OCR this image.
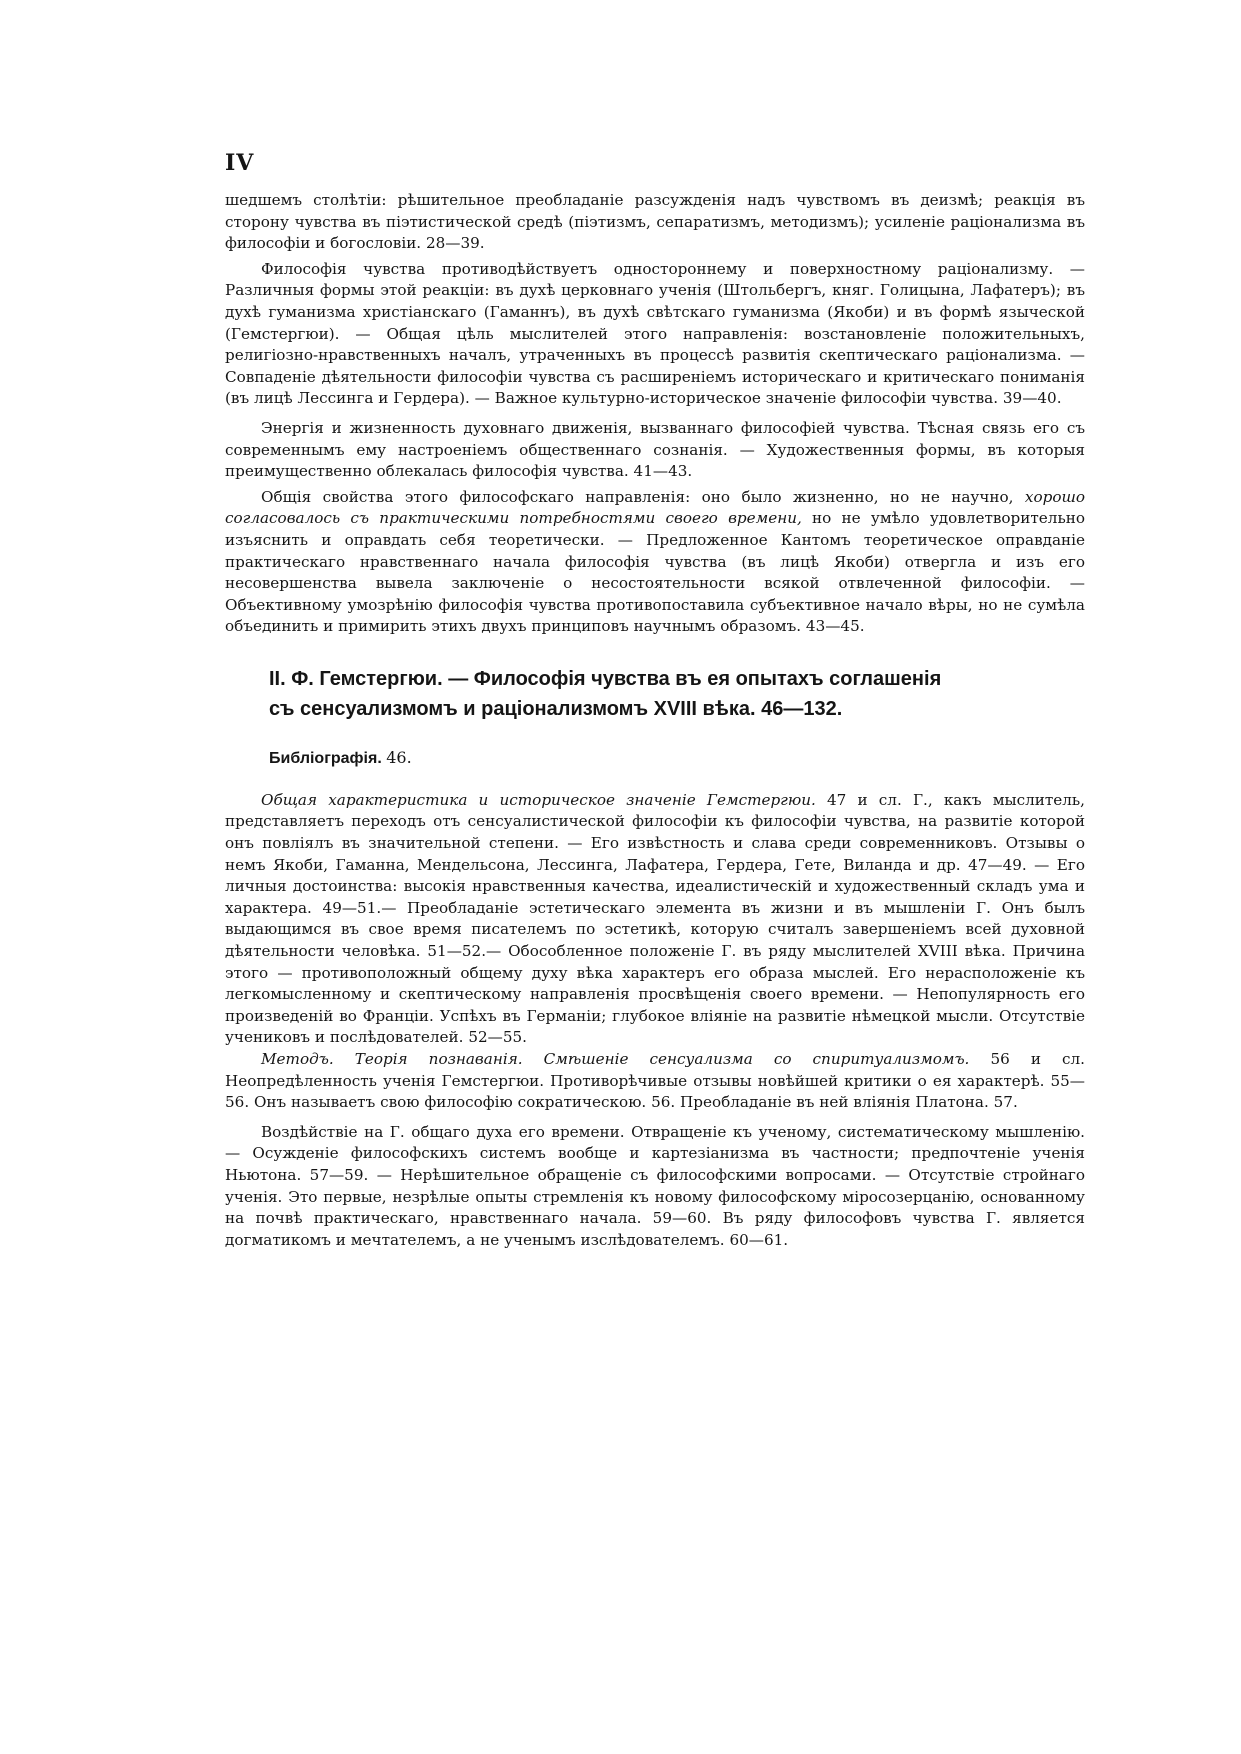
IV

шедшемъ столѣтіи: рѣшительное преобладаніе разсужденія надъ чувствомъ въ деизмѣ; реакція въ сторону чувства въ піэтистической средѣ (піэтизмъ, сепаратизмъ, методизмъ); усиленіе раціонализма въ философіи и богословіи. 28—39.

Философія чувства противодѣйствуетъ одностороннему и поверхностному раціонализму. — Различныя формы этой реакціи: въ духѣ церковнаго ученія (Штольбергъ, княг. Голицына, Лафатеръ); въ духѣ гуманизма христіанскаго (Гаманнъ), въ духѣ свѣтскаго гуманизма (Якоби) и въ формѣ языческой (Гемстергюи). — Общая цѣль мыслителей этого направленія: возстановленіе положительныхъ, религіозно-нравственныхъ началъ, утраченныхъ въ процессѣ развитія скептическаго раціонализма. — Совпаденіе дѣятельности философіи чувства съ расширеніемъ историческаго и критическаго пониманія (въ лицѣ Лессинга и Гердера). — Важное культурно-историческое значеніе философіи чувства. 39—40.

Энергія и жизненность духовнаго движенія, вызваннаго философіей чувства. Тѣсная связь его съ современнымъ ему настроеніемъ общественнаго сознанія. — Художественныя формы, въ которыя преимущественно облекалась философія чувства. 41—43.

Общія свойства этого философскаго направленія: оно было жизненно, но не научно, хорошо согласовалось съ практическими потребностями своего времени, но не умѣло удовлетворительно изъяснить и оправдать себя теоретически. — Предложенное Кантомъ теоретическое оправданіе практическаго нравственнаго начала философія чувства (въ лицѣ Якоби) отвергла и изъ его несовершенства вывела заключеніе о несостоятельности всякой отвлеченной философіи. — Объективному умозрѣнію философія чувства противопоставила субъективное начало вѣры, но не сумѣла объединить и примирить этихъ двухъ принциповъ научнымъ образомъ. 43—45.

II. Ф. Гемстергюи. — Философія чувства въ ея опытахъ соглашенія
съ сенсуализмомъ и раціонализмомъ XVIII вѣка. 46—132.
Библіографія. 46.

Общая характеристика и историческое значеніе Гемстергюи. 47 и сл. Г., какъ мыслитель, представляетъ переходъ отъ сенсуалистической философіи къ философіи чувства, на развитіе которой онъ повліялъ въ значительной степени. — Его извѣстность и слава среди современниковъ. Отзывы о немъ Якоби, Гаманна, Мендельсона, Лессинга, Лафатера, Гердера, Гете, Виланда и др. 47—49. — Его личныя достоинства: высокія нравственныя качества, идеалистическій и художественный складъ ума и характера. 49—51.— Преобладаніе эстетическаго элемента въ жизни и въ мышленіи Г. Онъ былъ выдающимся въ свое время писателемъ по эстетикѣ, которую считалъ завершеніемъ всей духовной дѣятельности человѣка. 51—52.— Обособленное положеніе Г. въ ряду мыслителей XVIII вѣка. Причина этого — противоположный общему духу вѣка характеръ его образа мыслей. Его нерасположеніе къ легкомысленному и скептическому направленія просвѣщенія своего времени. — Непопулярность его произведеній во Франціи. Успѣхъ въ Германіи; глубокое вліяніе на развитіе нѣмецкой мысли. Отсутствіе учениковъ и послѣдователей. 52—55.

Методъ. Теорія познаванія. Смѣшеніе сенсуализма со спиритуализмомъ. 56 и сл. Неопредѣленность ученія Гемстергюи. Противорѣчивые отзывы новѣйшей критики о ея характерѣ. 55—56. Онъ называетъ свою философію сократическою. 56. Преобладаніе въ ней вліянія Платона. 57.

Воздѣйствіе на Г. общаго духа его времени. Отвращеніе къ ученому, систематическому мышленію. — Осужденіе философскихъ системъ вообще и картезіанизма въ частности; предпочтеніе ученія Ньютона. 57—59. — Нерѣшительное обращеніе съ философскими вопросами. — Отсутствіе стройнаго ученія. Это первые, незрѣлые опыты стремленія къ новому философскому міросозерцанію, основанному на почвѣ практическаго, нравственнаго начала. 59—60. Въ ряду философовъ чувства Г. является догматикомъ и мечтателемъ, а не ученымъ изслѣдователемъ. 60—61.
